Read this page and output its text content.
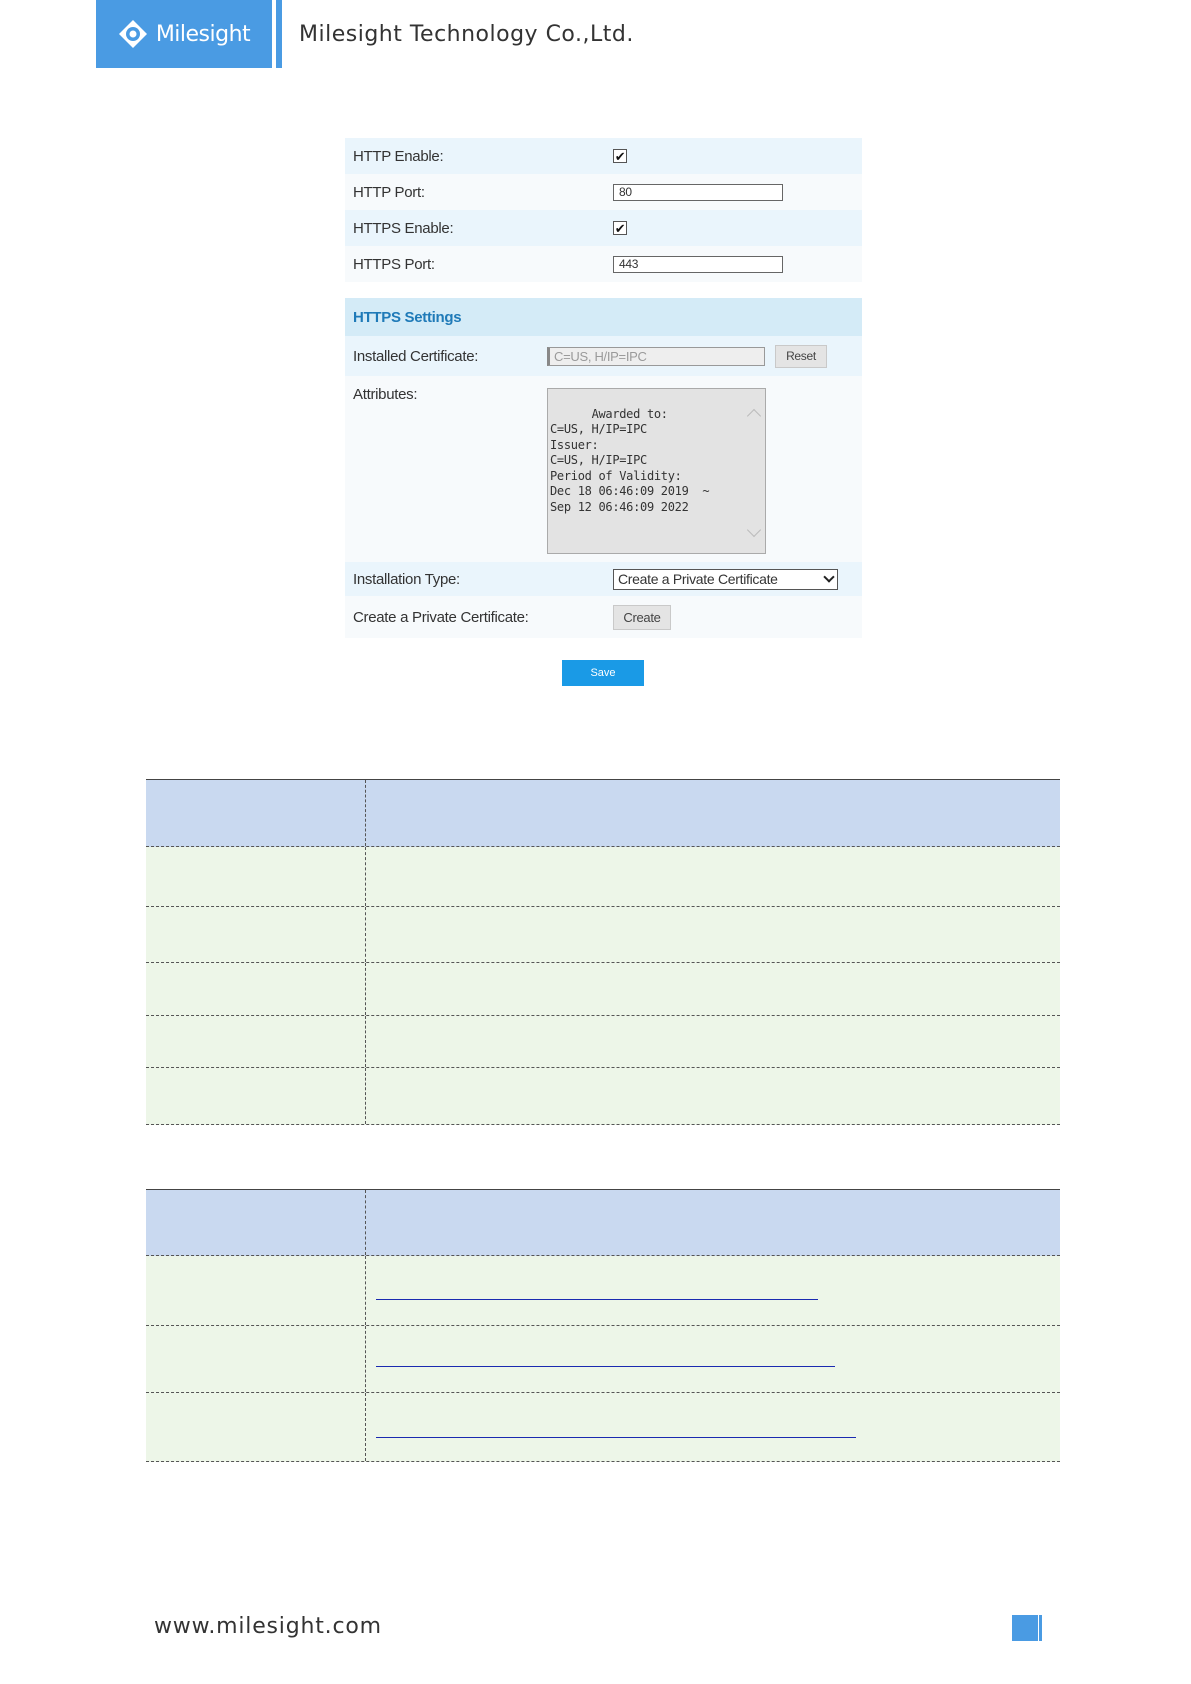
Milesight Milesight Technology Co.,Ltd.
HTTP Enable:	✔
HTTP Port:	80
HTTPS Enable:	✔
HTTPS Port:	443
HTTPS Settings
Installed Certificate:	C=US, H/IP=IPC	Reset
Attributes:

Awarded to:
C=US, H/IP=IPC
Issuer:
C=US, H/IP=IPC
Period of Validity:
Dec 18 06:46:09 2019  ~
Sep 12 06:46:09 2022

Installation Type:	Create a Private Certificate
Create a Private Certificate:	Create
Save
www.milesight.com
